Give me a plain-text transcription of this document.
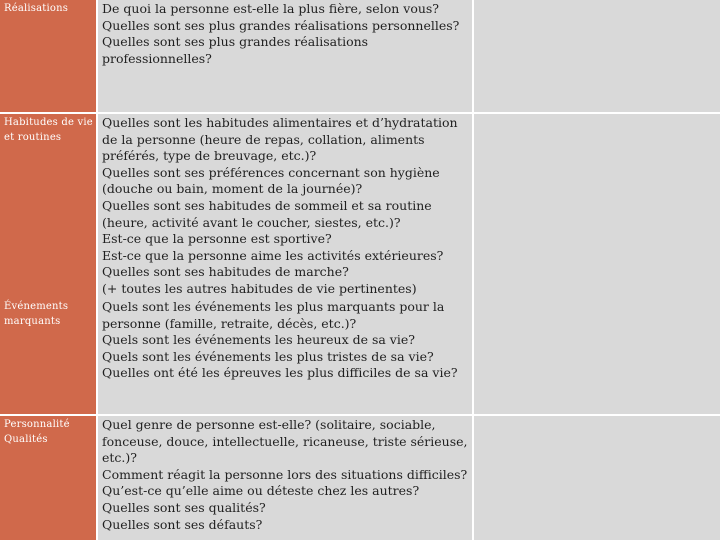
Réalisations	De quoi la personne est-elle la plus fière, selon vous?
Quelles sont ses plus grandes réalisations personnelles?
Quelles sont ses plus grandes réalisations professionnelles?
Habitudes de vie et routines
Quelles sont les habitudes alimentaires et d’hydratation de la personne (heure de repas, collation, aliments préférés, type de breuvage, etc.)?
Quelles sont ses préférences concernant son hygiène (douche ou bain, moment de la journée)?
Quelles sont ses habitudes de sommeil et sa routine (heure, activité avant le coucher, siestes, etc.)?
Est-ce que la personne est sportive?
Est-ce que la personne aime les activités extérieures?
Quelles sont ses habitudes de marche?
(+ toutes les autres habitudes de vie pertinentes)
Événements marquants
Quels sont les événements les plus marquants pour la personne (famille, retraite, décès, etc.)?
Quels sont les événements les heureux de sa vie?
Quels sont les événements les plus tristes de sa vie?
Quelles ont été les épreuves les plus difficiles de sa vie?
Personnalité
Qualités
Quel genre de personne est-elle? (solitaire, sociable, fonceuse, douce, intellectuelle, ricaneuse, triste sérieuse, etc.)?
Comment réagit la personne lors des situations difficiles?
Qu’est-ce qu’elle aime ou déteste chez les autres?
Quelles sont ses qualités?
Quelles sont ses défauts?
